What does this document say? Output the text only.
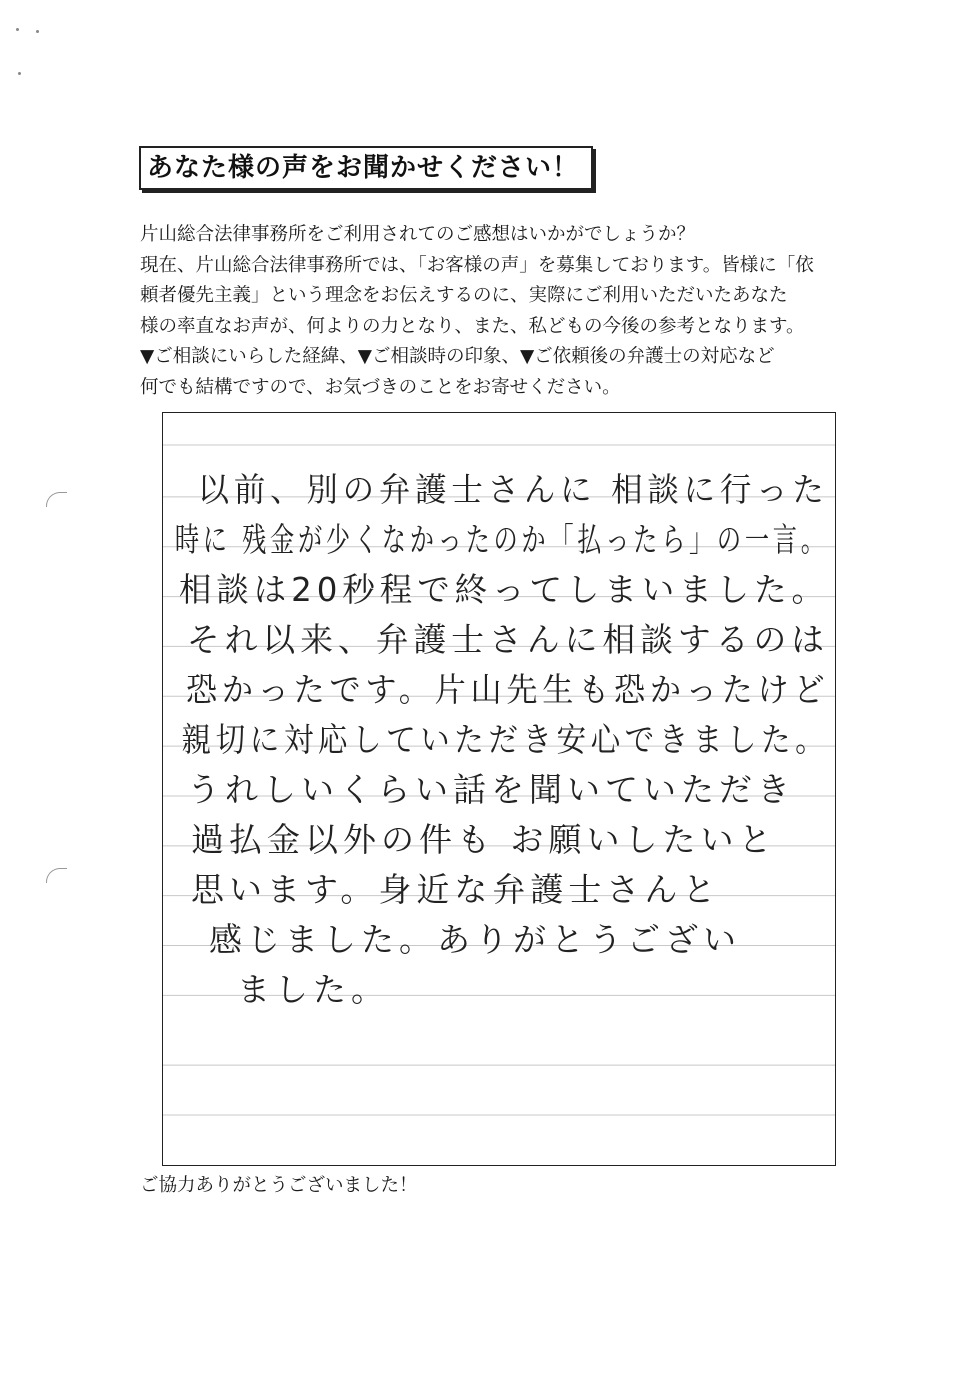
あなた様の声をお聞かせください！
片山総合法律事務所をご利用されてのご感想はいかがでしょうか？
現在、片山総合法律事務所では、「お客様の声」を募集しております。皆様に「依
頼者優先主義」という理念をお伝えするのに、実際にご利用いただいたあなた
様の率直なお声が、何よりの力となり、また、私どもの今後の参考となります。
▼ご相談にいらした経緯、▼ご相談時の印象、▼ご依頼後の弁護士の対応など
何でも結構ですので、お気づきのことをお寄せください。
以前、別の弁護士さんに 相談に行った
時に 残金が少くなかったのか「払ったら」の一言。
相談は20秒程で終ってしまいました。
それ以来、弁護士さんに相談するのは
恐かったです。片山先生も恐かったけど
親切に対応していただき安心できました。
うれしいくらい話を聞いていただき
過払金以外の件も お願いしたいと
思います。身近な弁護士さんと
感じました。ありがとうござい
ました。
ご協力ありがとうございました！
